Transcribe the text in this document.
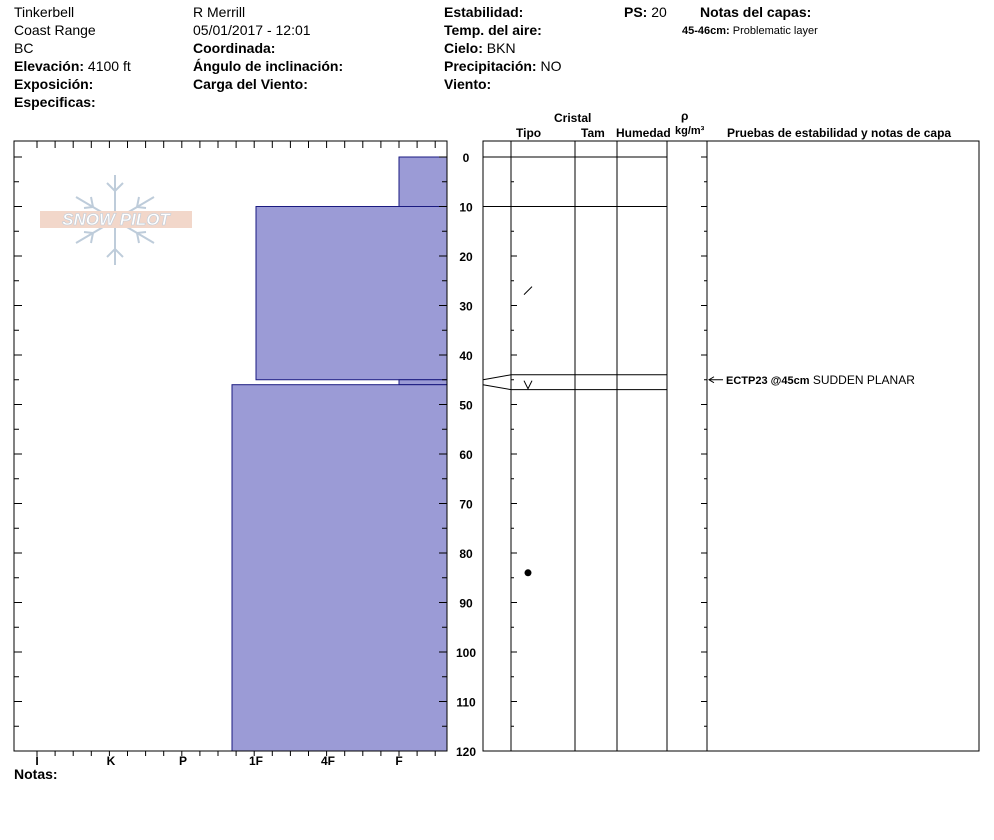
Tinkerbell
Coast Range
BC
Elevación: 4100 ft
Exposición:
Especificas:
R Merrill
05/01/2017 - 12:01
Coordinada:
Ángulo de inclinación:
Carga del Viento:
Estabilidad:
Temp. del aire:
Cielo: BKN
Precipitación: NO
Viento:
PS: 20 Notas del capas:
45-46cm: Problematic layer
Cristal
Tipo	Tam Humedad
ρ
kg/m³ Pruebas de estabilidad y notas de capa
ECTP23 @45cm SUDDEN PLANAR
Notas:
SNOW PILOT
I	K	P	1F	4F	F
0
10
20
30
40
50
60
70
80
90
100
110
120
